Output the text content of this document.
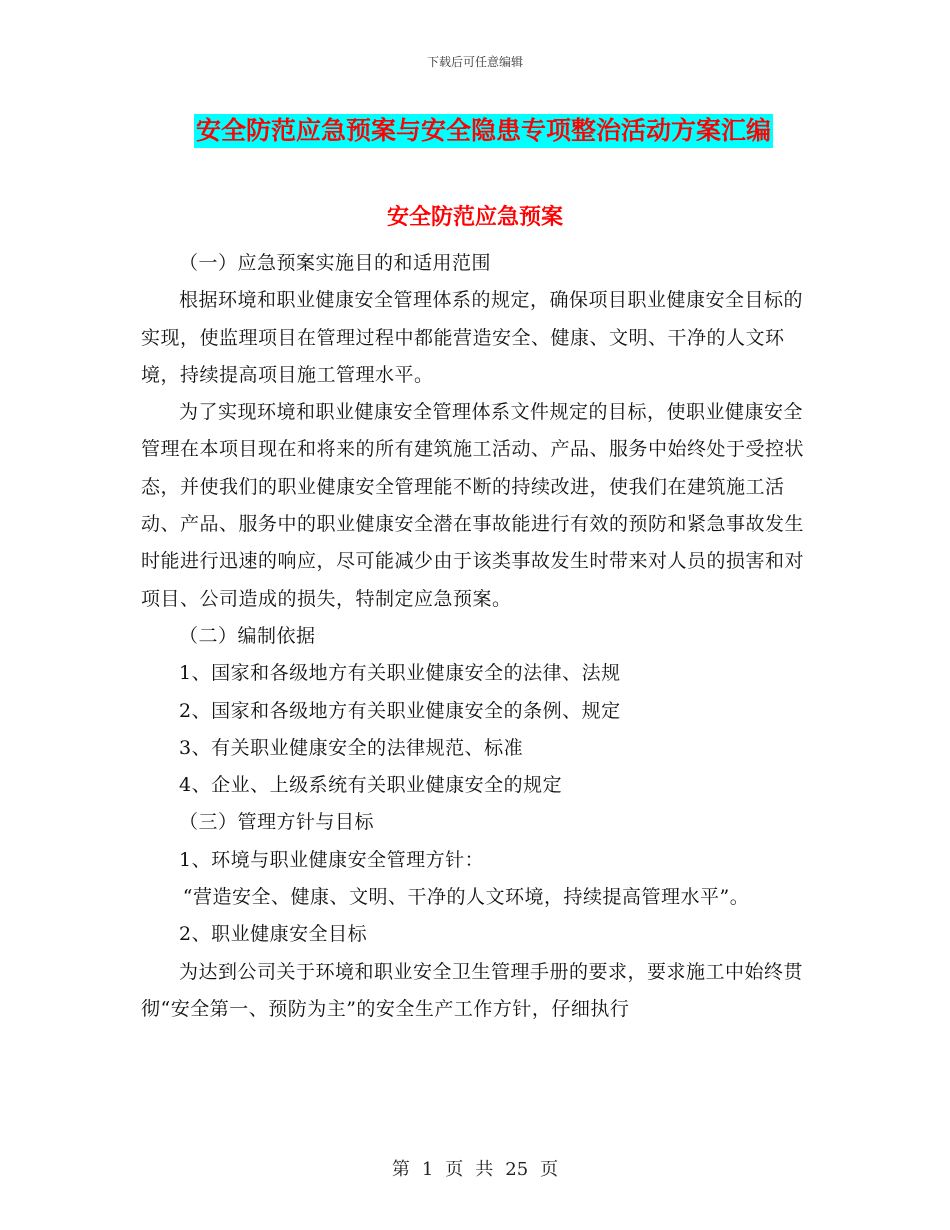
下载后可任意编辑
安全防范应急预案与安全隐患专项整治活动方案汇编
安全防范应急预案

（一）应急预案实施目的和适用范围

根据环境和职业健康安全管理体系的规定，确保项目职业健康安全目标的实现，使监理项目在管理过程中都能营造安全、健康、文明、干净的人文环境，持续提高项目施工管理水平。

为了实现环境和职业健康安全管理体系文件规定的目标，使职业健康安全管理在本项目现在和将来的所有建筑施工活动、产品、服务中始终处于受控状态，并使我们的职业健康安全管理能不断的持续改进，使我们在建筑施工活动、产品、服务中的职业健康安全潜在事故能进行有效的预防和紧急事故发生时能进行迅速的响应，尽可能减少由于该类事故发生时带来对人员的损害和对项目、公司造成的损失，特制定应急预案。

（二）编制依据

1、国家和各级地方有关职业健康安全的法律、法规

2、国家和各级地方有关职业健康安全的条例、规定

3、有关职业健康安全的法律规范、标准

4、企业、上级系统有关职业健康安全的规定

（三）管理方针与目标

1、环境与职业健康安全管理方针：

“营造安全、健康、文明、干净的人文环境，持续提高管理水平”。

2、职业健康安全目标

为达到公司关于环境和职业安全卫生管理手册的要求，要求施工中始终贯彻“安全第一、预防为主”的安全生产工作方针，仔细执行

第 1 页 共 25 页
